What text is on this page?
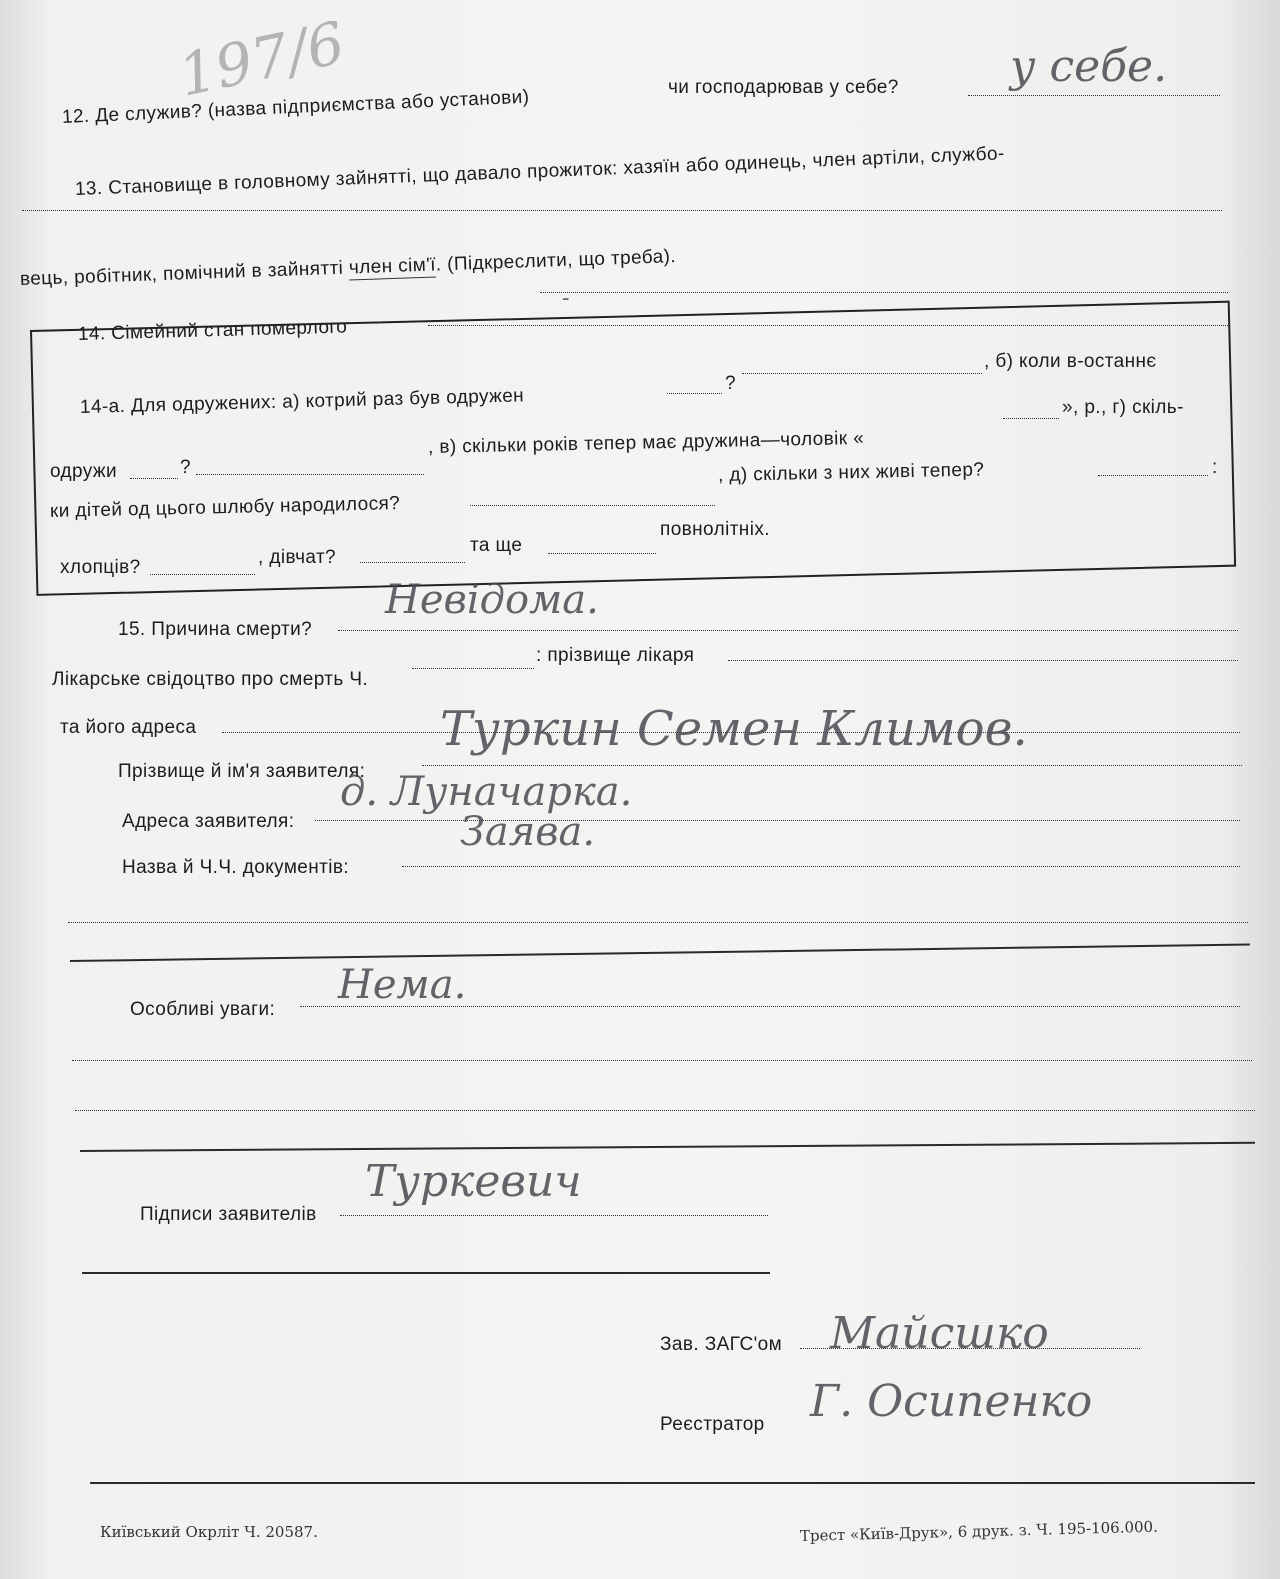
197/6	чи господарював у себе?	у себе.
12. Де служив? (назва підприємства або установи)
13. Становище в головному зайнятті, що давало прожиток: хазяїн або одинець, член артіли, службо-
вець, робітник, помічний в зайнятті член сім'ї. (Підкреслити, що треба).
-
14. Сімейний стан померлого
, б) коли в-останнє
14-а. Для одружених: а) котрий раз був одружен
?
», р., г) скіль-
одружи	?
, в) скільки років тепер має дружина—чоловік «
ки дітей од цього шлюбу народилося?
, д) скільки з них живі тепер?	:
хлопців?	, дівчат?
та ще
повнолітніх.
15. Причина смерти?
Невідома.
Лікарське свідоцтво про смерть Ч.
: прізвище лікаря
та його адреса
Прізвище й ім'я заявителя:
Туркин Семен Климов.
Адреса заявителя:
д. Луначарка.
Назва й Ч.Ч. документів:
Заява.
Особливі уваги:
Нема.
Підписи заявителів
Туркевич
Зав. ЗАГС'ом Майсшко
Реєстратор Г. Осипенко
Київський Окрліт Ч. 20587.	Трест «Київ-Друк», 6 друк. з. Ч. 195-106.000.
